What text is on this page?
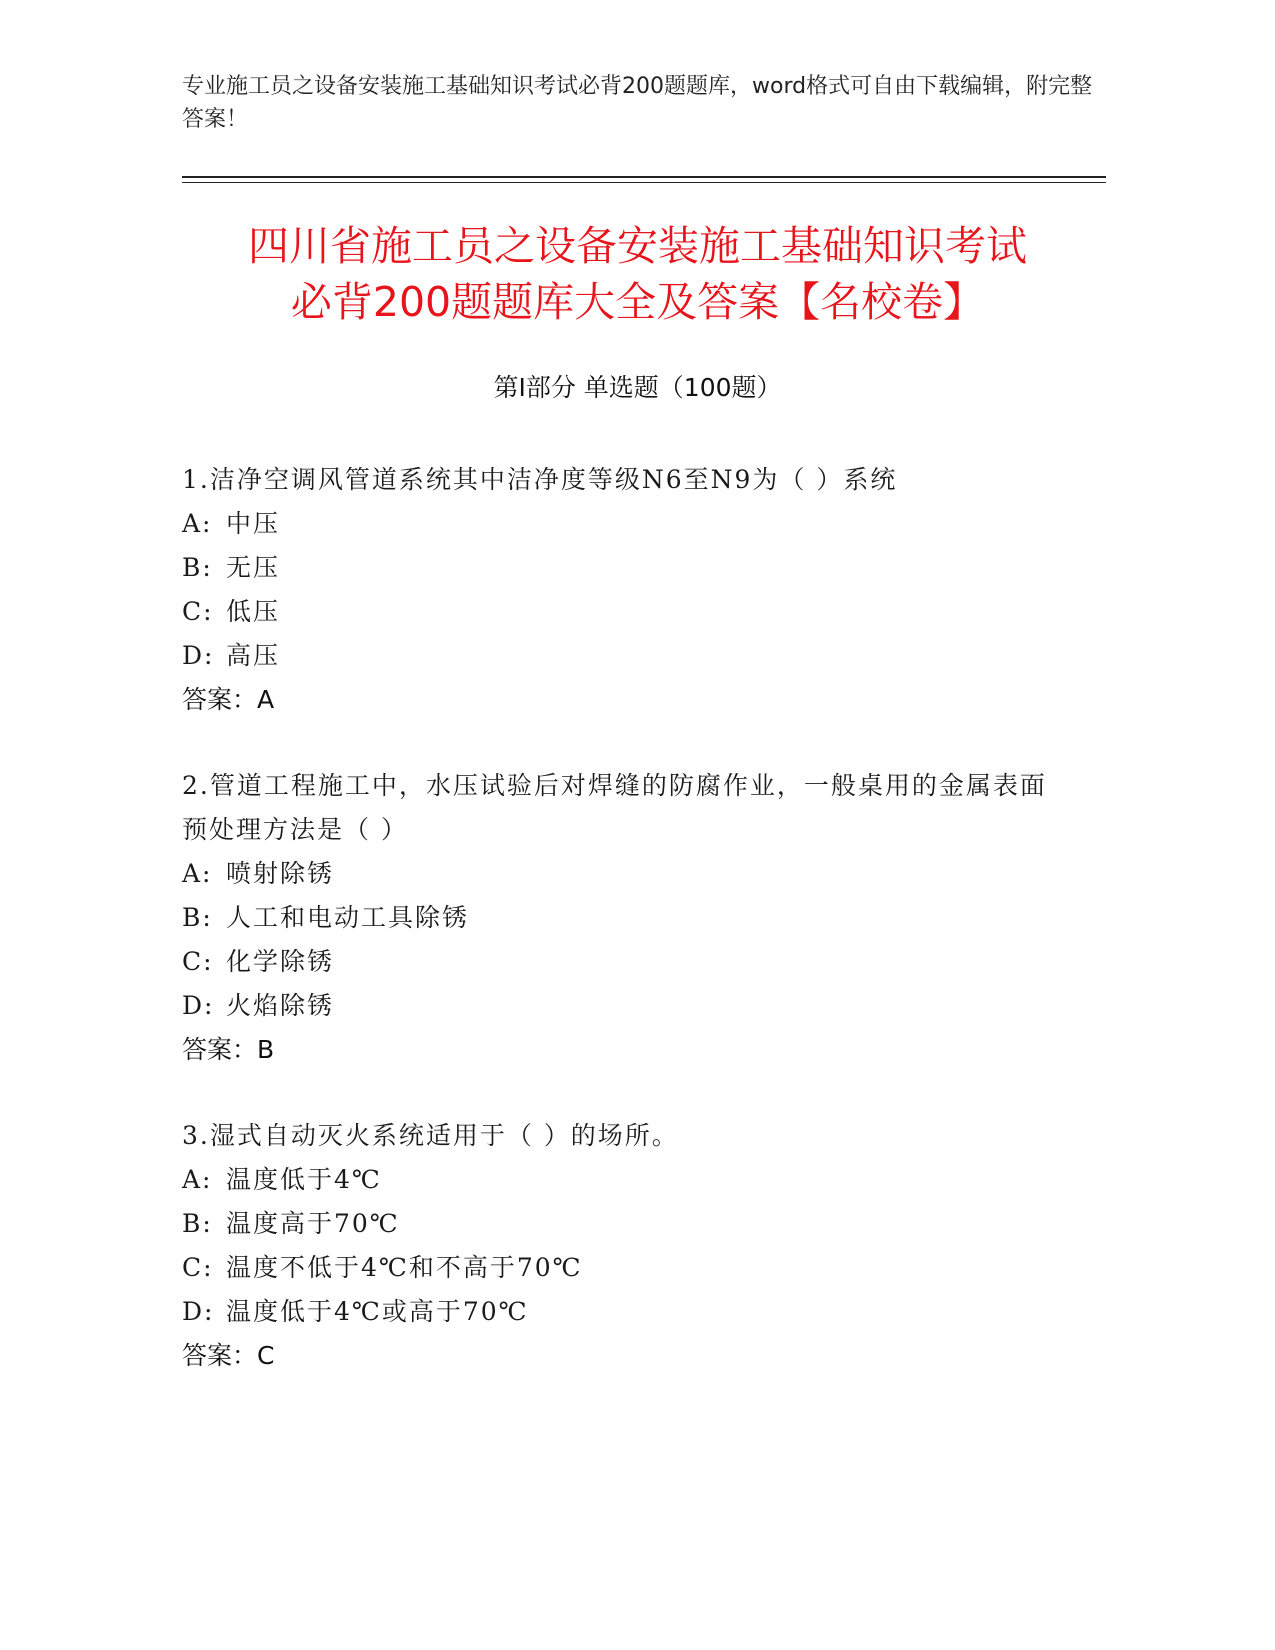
专业施工员之设备安装施工基础知识考试必背200题题库，word格式可自由下载编辑，附完整答案！
四川省施工员之设备安装施工基础知识考试
必背200题题库大全及答案【名校卷】
第Ⅰ部分 单选题（100题）

1.洁净空调风管道系统其中洁净度等级N6至N9为（ ）系统

A: 中压

B: 无压

C: 低压

D: 高压

答案：A

2.管道工程施工中，水压试验后对焊缝的防腐作业，一般桌用的金属表面预处理方法是（ ）

A: 喷射除锈

B: 人工和电动工具除锈

C: 化学除锈

D: 火焰除锈

答案：B

3.湿式自动灭火系统适用于（ ）的场所。

A: 温度低于4℃

B: 温度高于70℃

C: 温度不低于4℃和不高于70℃

D: 温度低于4℃或高于70℃

答案：C
